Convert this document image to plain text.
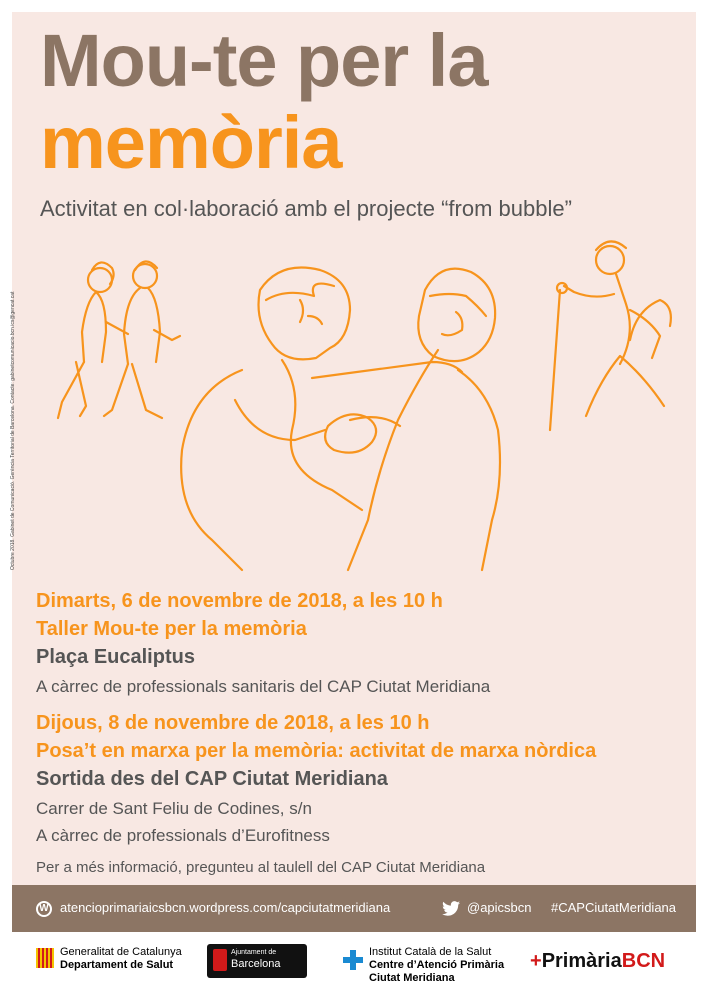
Mou-te per la
memòria
Activitat en col·laboració amb el projecte “from bubble”
Octubre 2018. Gabinet de Comunicació. Gerència Territorial de Barcelona. Contacte: gabinetcomunicacio.bcn.ics@gencat.cat
Dimarts, 6 de novembre de 2018, a les 10 h
Taller Mou-te per la memòria
Plaça Eucaliptus
A càrrec de professionals sanitaris del CAP Ciutat Meridiana
Dijous, 8 de novembre de 2018, a les 10 h
Posa’t en marxa per la memòria: activitat de marxa nòrdica
Sortida des del CAP Ciutat Meridiana
Carrer de Sant Feliu de Codines, s/n
A càrrec de professionals d’Eurofitness
Per a més informació, pregunteu al taulell del CAP Ciutat Meridiana
W atencioprimariaicsbcn.wordpress.com/capciutatmeridiana	@apicsbcn #CAPCiutatMeridiana
Generalitat de Catalunya
Departament de Salut
Ajuntament de
Barcelona
Institut Català de la Salut
Centre d’Atenció Primària
Ciutat Meridiana
+PrimàriaBCN
